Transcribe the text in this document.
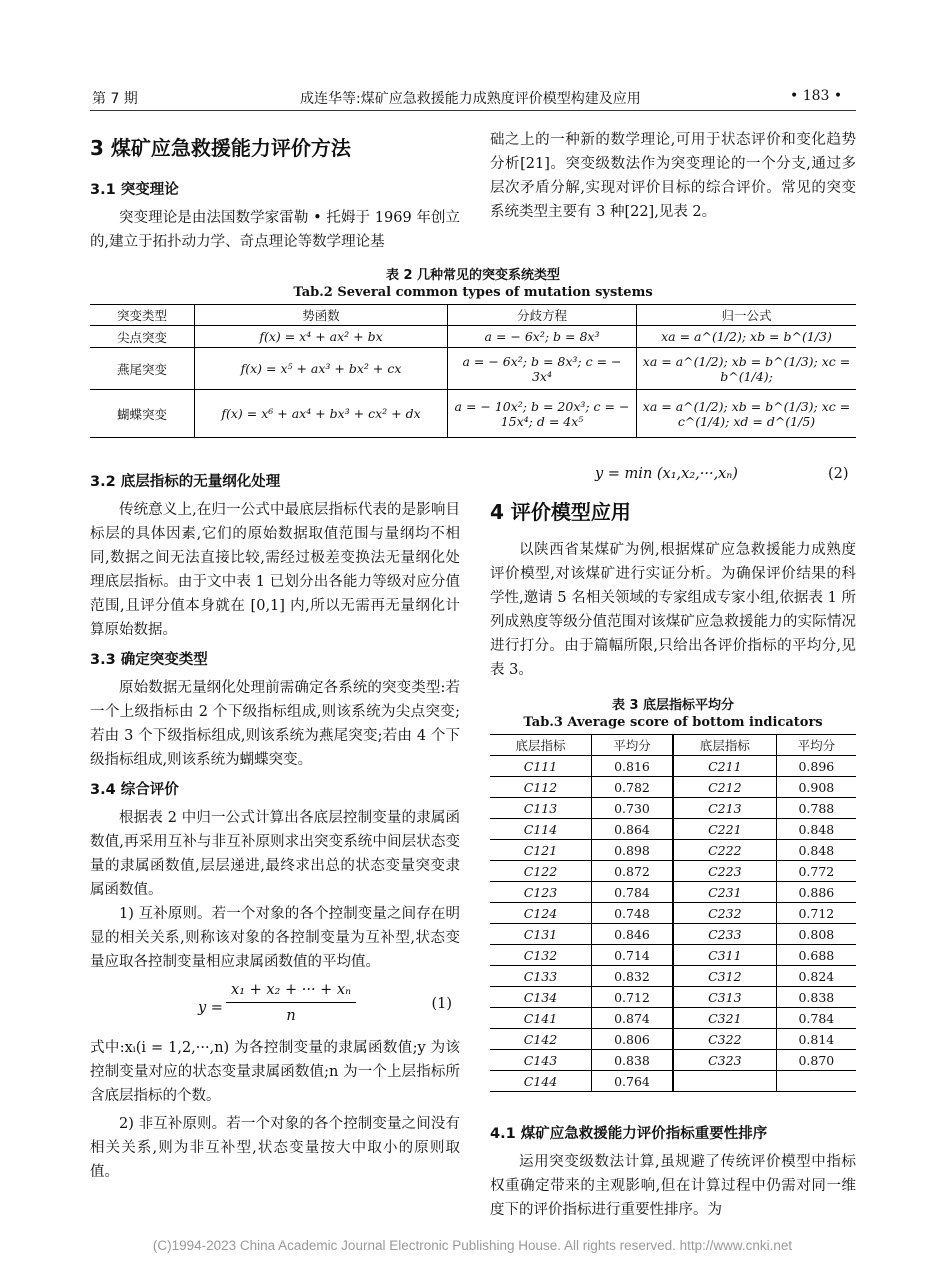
第 7 期	成连华等:煤矿应急救援能力成熟度评价模型构建及应用	• 183 •
3 煤矿应急救援能力评价方法
3.1 突变理论

突变理论是由法国数学家雷勒 • 托姆于 1969 年创立的,建立于拓扑动力学、奇点理论等数学理论基

础之上的一种新的数学理论,可用于状态评价和变化趋势分析[21]。突变级数法作为突变理论的一个分支,通过多层次矛盾分解,实现对评价目标的综合评价。常见的突变系统类型主要有 3 种[22],见表 2。

表 2 几种常见的突变系统类型
Tab.2 Several common types of mutation systems
突变类型	势函数	分歧方程	归一公式
尖点突变	f(x) = x⁴ + ax² + bx	a = − 6x²; b = 8x³	xa = a^(1/2); xb = b^(1/3)
燕尾突变	f(x) = x⁵ + ax³ + bx² + cx	a = − 6x²; b = 8x³; c = − 3x⁴	xa = a^(1/2); xb = b^(1/3); xc = b^(1/4);
蝴蝶突变	f(x) = x⁶ + ax⁴ + bx³ + cx² + dx	a = − 10x²; b = 20x³; c = − 15x⁴; d = 4x⁵	xa = a^(1/2); xb = b^(1/3); xc = c^(1/4); xd = d^(1/5)
3.2 底层指标的无量纲化处理

传统意义上,在归一公式中最底层指标代表的是影响目标层的具体因素,它们的原始数据取值范围与量纲均不相同,数据之间无法直接比较,需经过极差变换法无量纲化处理底层指标。由于文中表 1 已划分出各能力等级对应分值范围,且评分值本身就在 [0,1] 内,所以无需再无量纲化计算原始数据。

3.3 确定突变类型

原始数据无量纲化处理前需确定各系统的突变类型:若一个上级指标由 2 个下级指标组成,则该系统为尖点突变;若由 3 个下级指标组成,则该系统为燕尾突变;若由 4 个下级指标组成,则该系统为蝴蝶突变。

3.4 综合评价

根据表 2 中归一公式计算出各底层控制变量的隶属函数值,再采用互补与非互补原则求出突变系统中间层状态变量的隶属函数值,层层递进,最终求出总的状态变量突变隶属函数值。

1) 互补原则。若一个对象的各个控制变量之间存在明显的相关关系,则称该对象的各控制变量为互补型,状态变量应取各控制变量相应隶属函数值的平均值。

y =
x₁ + x₂ + ··· + xₙ
n
(1)

式中:xᵢ(i = 1,2,···,n) 为各控制变量的隶属函数值;y 为该控制变量对应的状态变量隶属函数值;n 为一个上层指标所含底层指标的个数。

2) 非互补原则。若一个对象的各个控制变量之间没有相关关系,则为非互补型,状态变量按大中取小的原则取值。

y = min (x₁,x₂,···,xₙ)	(2)
4 评价模型应用

以陕西省某煤矿为例,根据煤矿应急救援能力成熟度评价模型,对该煤矿进行实证分析。为确保评价结果的科学性,邀请 5 名相关领域的专家组成专家小组,依据表 1 所列成熟度等级分值范围对该煤矿应急救援能力的实际情况进行打分。由于篇幅所限,只给出各评价指标的平均分,见表 3。

表 3 底层指标平均分
Tab.3 Average score of bottom indicators
底层指标	平均分	底层指标	平均分
C111	0.816	C211	0.896
C112	0.782	C212	0.908
C113	0.730	C213	0.788
C114	0.864	C221	0.848
C121	0.898	C222	0.848
C122	0.872	C223	0.772
C123	0.784	C231	0.886
C124	0.748	C232	0.712
C131	0.846	C233	0.808
C132	0.714	C311	0.688
C133	0.832	C312	0.824
C134	0.712	C313	0.838
C141	0.874	C321	0.784
C142	0.806	C322	0.814
C143	0.838	C323	0.870
C144	0.764		
4.1 煤矿应急救援能力评价指标重要性排序

运用突变级数法计算,虽规避了传统评价模型中指标权重确定带来的主观影响,但在计算过程中仍需对同一维度下的评价指标进行重要性排序。为

(C)1994-2023 China Academic Journal Electronic Publishing House. All rights reserved. http://www.cnki.net
